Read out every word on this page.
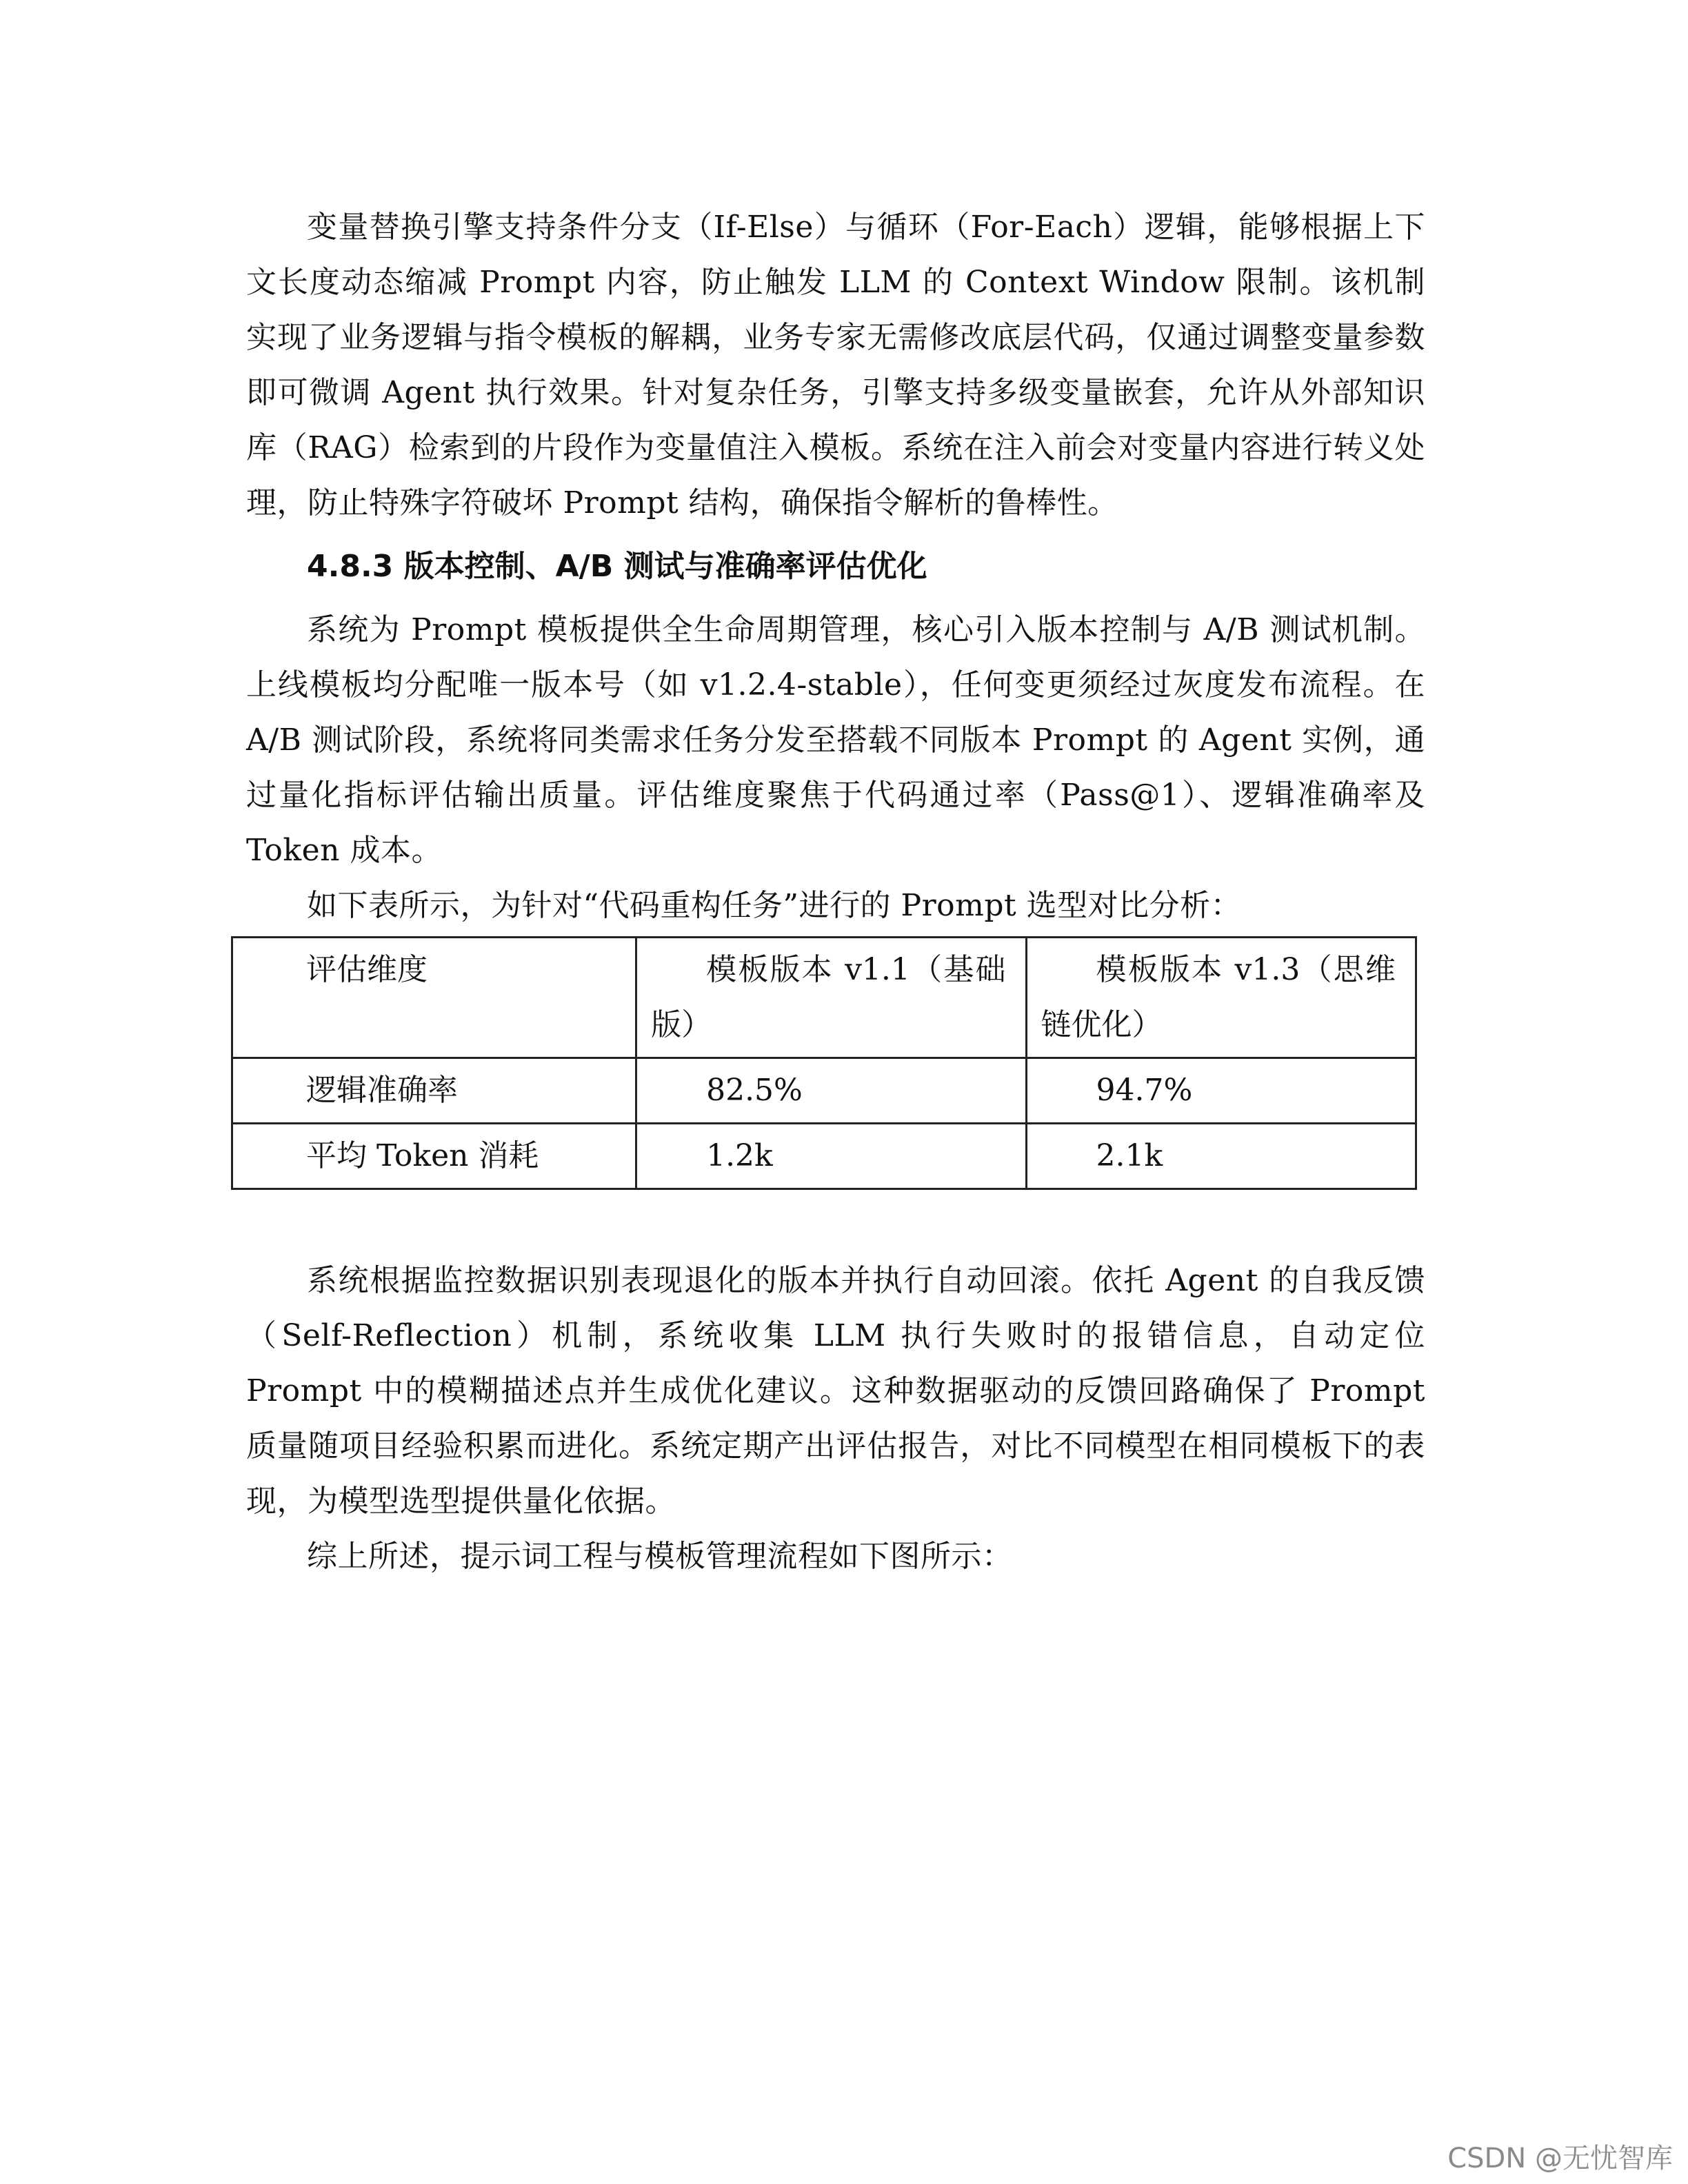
变量替换引擎支持条件分支（If-Else）与循环（For-Each）逻辑，能够根据上下文长度动态缩减 Prompt 内容，防止触发 LLM 的 Context Window 限制。该机制实现了业务逻辑与指令模板的解耦，业务专家无需修改底层代码，仅通过调整变量参数即可微调 Agent 执行效果。针对复杂任务，引擎支持多级变量嵌套，允许从外部知识库（RAG）检索到的片段作为变量值注入模板。系统在注入前会对变量内容进行转义处理，防止特殊字符破坏 Prompt 结构，确保指令解析的鲁棒性。

4.8.3 版本控制、A/B 测试与准确率评估优化

系统为 Prompt 模板提供全生命周期管理，核心引入版本控制与 A/B 测试机制。上线模板均分配唯一版本号（如 v1.2.4-stable），任何变更须经过灰度发布流程。在 A/B 测试阶段，系统将同类需求任务分发至搭载不同版本 Prompt 的 Agent 实例，通过量化指标评估输出质量。评估维度聚焦于代码通过率（Pass@1）、逻辑准确率及 Token 成本。

如下表所示，为针对“代码重构任务”进行的 Prompt 选型对比分析：

评估维度	模板版本 v1.1（基础版）	模板版本 v1.3（思维链优化）
逻辑准确率	82.5%	94.7%
平均 Token 消耗	1.2k	2.1k

系统根据监控数据识别表现退化的版本并执行自动回滚。依托 Agent 的自我反馈（Self-Reflection）机制，系统收集 LLM 执行失败时的报错信息，自动定位 Prompt 中的模糊描述点并生成优化建议。这种数据驱动的反馈回路确保了 Prompt 质量随项目经验积累而进化。系统定期产出评估报告，对比不同模型在相同模板下的表现，为模型选型提供量化依据。

综上所述，提示词工程与模板管理流程如下图所示：

CSDN @无忧智库
